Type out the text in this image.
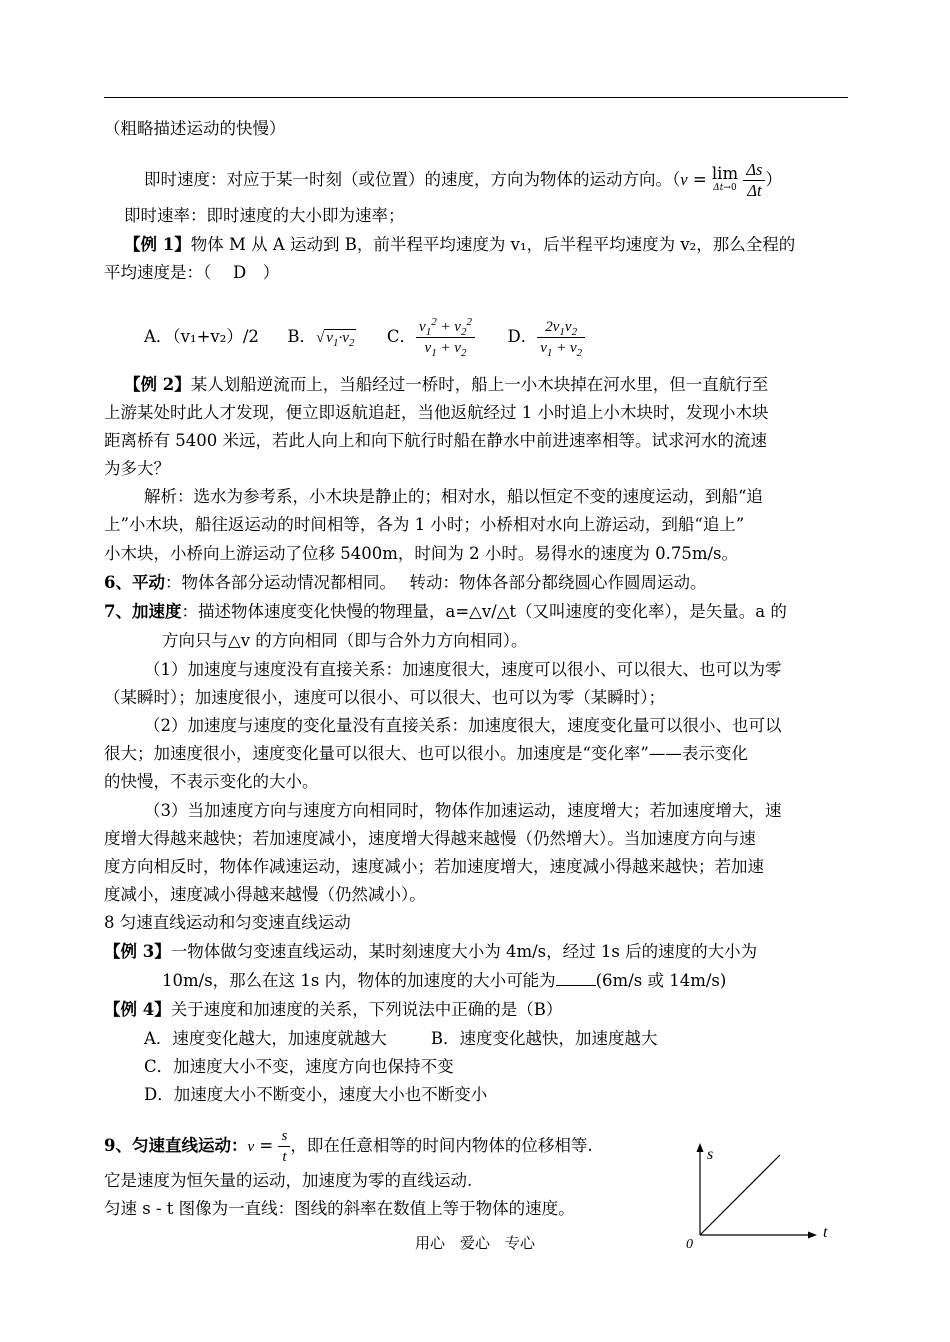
（粗略描述运动的快慢）
即时速度：对应于某一时刻（或位置）的速度，方向为物体的运动方向。（v = lim
Δt→0
$\frac{\Delta s}{\Delta t}$ ）
即时速率：即时速度的大小即为速率；
【例 1】物体 M 从 A 运动到 B，前半程平均速度为 v₁，后半程平均速度为 v₂，那么全程的
平均速度是：（　 D　）
A．（v₁+v₂）/2 B．√ $v_1\cdot v_2$ C． $\frac{v_1^2 + v_2^2}{v_1 + v_2}$ D． $\frac{2v_1v_2}{v_1 + v_2}$
【例 2】某人划船逆流而上，当船经过一桥时，船上一小木块掉在河水里，但一直航行至
上游某处时此人才发现，便立即返航追赶，当他返航经过 1 小时追上小木块时，发现小木块
距离桥有 5400 米远，若此人向上和向下航行时船在静水中前进速率相等。试求河水的流速
为多大？
解析：选水为参考系，小木块是静止的；相对水，船以恒定不变的速度运动，到船“追
上”小木块，船往返运动的时间相等，各为 1 小时；小桥相对水向上游运动，到船“追上”
小木块，小桥向上游运动了位移 5400m，时间为 2 小时。易得水的速度为 0.75m/s。
6、平动：物体各部分运动情况都相同。　 转动：物体各部分都绕圆心作圆周运动。
7、加速度：描述物体速度变化快慢的物理量，a=△v/△t（又叫速度的变化率），是矢量。a 的
方向只与△v 的方向相同（即与合外力方向相同）。
（1）加速度与速度没有直接关系：加速度很大，速度可以很小、可以很大、也可以为零
（某瞬时）；加速度很小，速度可以很小、可以很大、也可以为零（某瞬时）；
（2）加速度与速度的变化量没有直接关系：加速度很大，速度变化量可以很小、也可以
很大；加速度很小，速度变化量可以很大、也可以很小。加速度是“变化率”——表示变化
的快慢，不表示变化的大小。
（3）当加速度方向与速度方向相同时，物体作加速运动，速度增大；若加速度增大，速
度增大得越来越快；若加速度减小，速度增大得越来越慢（仍然增大）。当加速度方向与速
度方向相反时，物体作减速运动，速度减小；若加速度增大，速度减小得越来越快；若加速
度减小，速度减小得越来越慢（仍然减小）。
8 匀速直线运动和匀变速直线运动
【例 3】一物体做匀变速直线运动，某时刻速度大小为 4m/s，经过 1s 后的速度的大小为
10m/s，那么在这 1s 内，物体的加速度的大小可能为 (6m/s 或 14m/s)
【例 4】关于速度和加速度的关系，下列说法中正确的是（B）
A．速度变化越大，加速度就越大	B．速度变化越快，加速度越大
C．加速度大小不变，速度方向也保持不变
D．加速度大小不断变小，速度大小也不断变小
9、匀速直线运动：$v = \frac{s}{t}$ ，即在任意相等的时间内物体的位移相等.
它是速度为恒矢量的运动，加速度为零的直线运动.
匀速 s - t 图像为一直线：图线的斜率在数值上等于物体的速度。
s
t
0
用心　爱心　专心
